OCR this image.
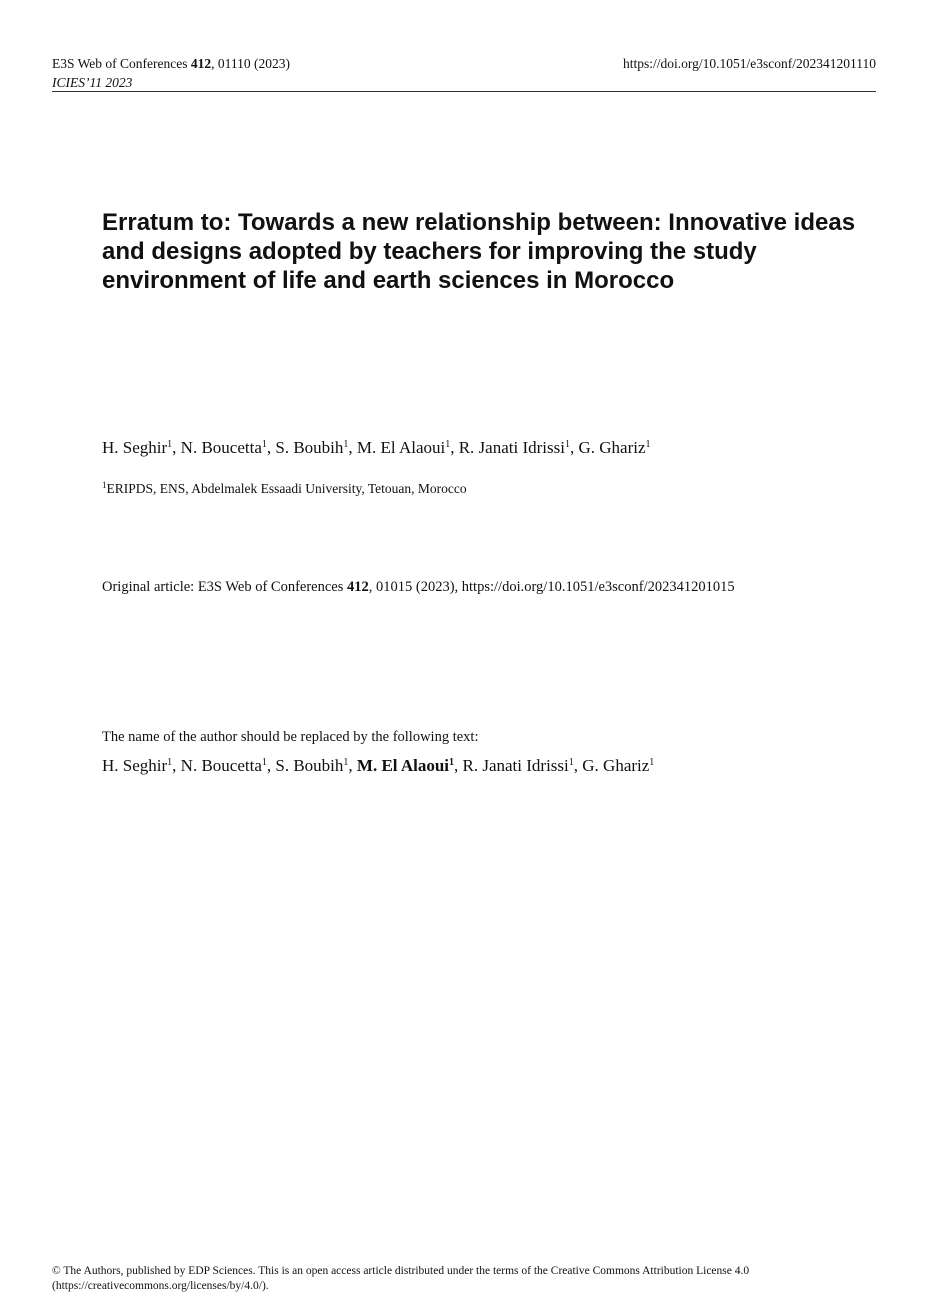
E3S Web of Conferences 412, 01110 (2023)	https://doi.org/10.1051/e3sconf/202341201110
ICIES’11 2023
Erratum to: Towards a new relationship between: Innovative ideas and designs adopted by teachers for improving the study environment of life and earth sciences in Morocco
H. Seghir$^1$, N. Boucetta$^1$, S. Boubih$^1$, M. El Alaoui$^1$, R. Janati Idrissi$^1$, G. Ghariz$^1$
$^1$ERIPDS, ENS, Abdelmalek Essaadi University, Tetouan, Morocco
Original article: E3S Web of Conferences 412, 01015 (2023), https://doi.org/10.1051/e3sconf/202341201015
The name of the author should be replaced by the following text:
H. Seghir$^1$, N. Boucetta$^1$, S. Boubih$^1$, M. El Alaoui$^1$, R. Janati Idrissi$^1$, G. Ghariz$^1$
© The Authors, published by EDP Sciences. This is an open access article distributed under the terms of the Creative Commons Attribution License 4.0
(https://creativecommons.org/licenses/by/4.0/).
